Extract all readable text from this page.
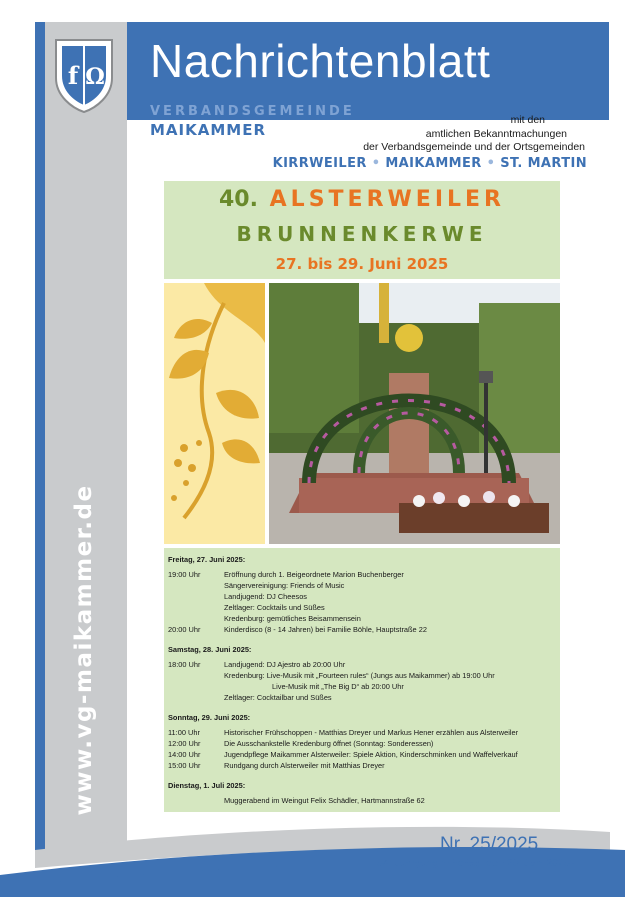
f Ω Nachrichtenblatt
VERBANDSGEMEINDE
MAIKAMMER
mit den
amtlichen Bekanntmachungen
der Verbandsgemeinde und der Ortsgemeinden
KIRRWEILER • MAIKAMMER • ST. MARTIN
www.vg-maikammer.de
40. ALSTERWEILER
BRUNNENKERWE
27. bis 29. Juni 2025
Freitag, 27. Juni 2025:
19:00 Uhr	Eröffnung durch 1. Beigeordnete Marion Buchenberger
Sängervereinigung: Friends of Music
Landjugend: DJ Cheesos
Zeltlager: Cocktails und Süßes
Kredenburg: gemütliches Beisammensein
20:00 Uhr	Kinderdisco (8 - 14 Jahren) bei Familie Böhle, Hauptstraße 22
Samstag, 28. Juni 2025:
18:00 Uhr	Landjugend: DJ Ajestro ab 20:00 Uhr
Kredenburg: Live-Musik mit „Fourteen rules“ (Jungs aus Maikammer) ab 19:00 Uhr
Live-Musik mit „The Big D“ ab 20:00 Uhr
Zeltlager: Cocktailbar und Süßes
Sonntag, 29. Juni 2025:
11:00 Uhr	Historischer Frühschoppen - Matthias Dreyer und Markus Hener erzählen aus Alsterweiler
12:00 Uhr	Die Ausschankstelle Kredenburg öffnet (Sonntag: Sonderessen)
14:00 Uhr	Jugendpflege Maikammer Alsterweiler: Spiele Aktion, Kinderschminken und Waffelverkauf
15:00 Uhr	Rundgang durch Alsterweiler mit Matthias Dreyer
Dienstag, 1. Juli 2025:
Muggerabend im Weingut Felix Schädler, Hartmannstraße 62
Nr. 25/2025
54. Jahrgang • Freitag, den 20. Juni 2025
